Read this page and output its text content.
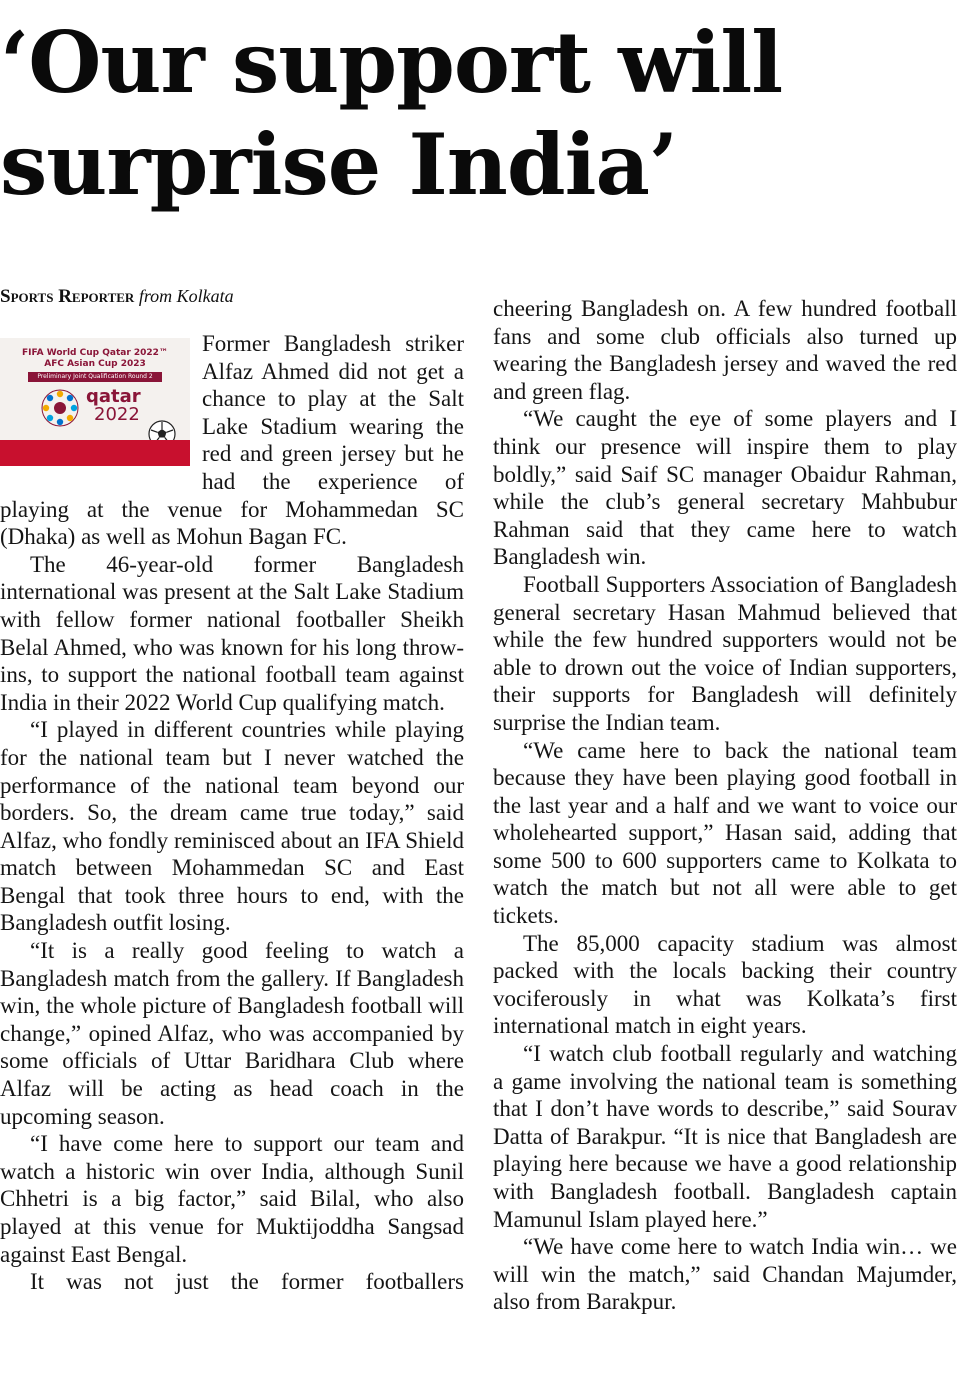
‘Our support will
surprise India’
Sports Reporter from Kolkata
FIFA World Cup Qatar 2022™
AFC Asian Cup 2023
Preliminary Joint Qualification Round 2
qatar
2022

Former Bangladesh striker Alfaz Ahmed did not get a chance to play at the Salt Lake Stadium wearing the red and green jersey but he had the experience of playing at the venue for Mohammedan SC (Dhaka) as well as Mohun Bagan FC.

The 46-year-old former Bangladesh international was present at the Salt Lake Stadium with fellow former national footballer Sheikh Belal Ahmed, who was known for his long throw-ins, to support the national football team against India in their 2022 World Cup qualifying match.

“I played in different countries while playing for the national team but I never watched the performance of the national team beyond our borders. So, the dream came true today,” said Alfaz, who fondly reminisced about an IFA Shield match between Mohammedan SC and East Bengal that took three hours to end, with the Bangladesh outfit losing.

“It is a really good feeling to watch a Bangladesh match from the gallery. If Bangladesh win, the whole picture of Bangladesh football will change,” opined Alfaz, who was accompanied by some officials of Uttar Baridhara Club where Alfaz will be acting as head coach in the upcoming season.

“I have come here to support our team and watch a historic win over India, although Sunil Chhetri is a big factor,” said Bilal, who also played at this venue for Muktijoddha Sangsad against East Bengal.

It was not just the former footballers

cheering Bangladesh on. A few hundred football fans and some club officials also turned up wearing the Bangladesh jersey and waved the red and green flag.

“We caught the eye of some players and I think our presence will inspire them to play boldly,” said Saif SC manager Obaidur Rahman, while the club’s general secretary Mahbubur Rahman said that they came here to watch Bangladesh win.

Football Supporters Association of Bangladesh general secretary Hasan Mahmud believed that while the few hundred supporters would not be able to drown out the voice of Indian supporters, their supports for Bangladesh will definitely surprise the Indian team.

“We came here to back the national team because they have been playing good football in the last year and a half and we want to voice our wholehearted support,” Hasan said, adding that some 500 to 600 supporters came to Kolkata to watch the match but not all were able to get tickets.

The 85,000 capacity stadium was almost packed with the locals backing their country vociferously in what was Kolkata’s first international match in eight years.

“I watch club football regularly and watching a game involving the national team is something that I don’t have words to describe,” said Sourav Datta of Barakpur. “It is nice that Bangladesh are playing here because we have a good relationship with Bangladesh football. Bangladesh captain Mamunul Islam played here.”

“We have come here to watch India win… we will win the match,” said Chandan Majumder, also from Barakpur.
